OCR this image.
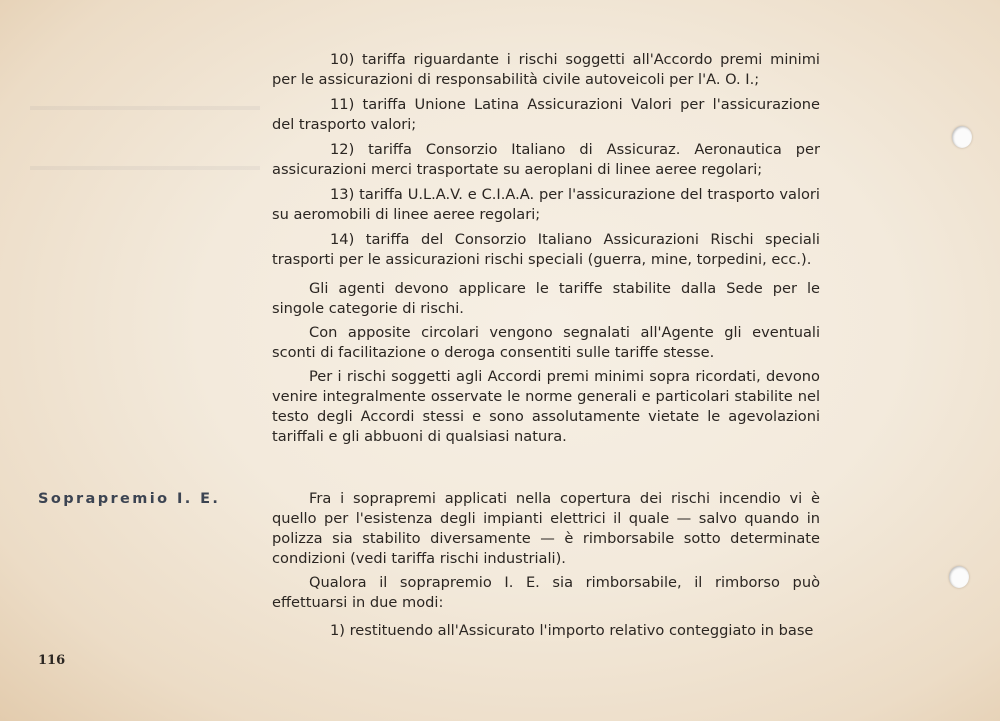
10) tariffa riguardante i rischi soggetti all'Accordo premi minimi per le assicurazioni di responsabilità civile autoveicoli per l'A. O. I.;

11) tariffa Unione Latina Assicurazioni Valori per l'assicurazione del trasporto valori;

12) tariffa Consorzio Italiano di Assicuraz. Aeronautica per assicurazioni merci trasportate su aeroplani di linee aeree regolari;

13) tariffa U.L.A.V. e C.I.A.A. per l'assicurazione del trasporto valori su aeromobili di linee aeree regolari;

14) tariffa del Consorzio Italiano Assicurazioni Rischi speciali trasporti per le assicurazioni rischi speciali (guerra, mine, torpedini, ecc.).

Gli agenti devono applicare le tariffe stabilite dalla Sede per le singole categorie di rischi.

Con apposite circolari vengono segnalati all'Agente gli eventuali sconti di facilitazione o deroga consentiti sulle tariffe stesse.

Per i rischi soggetti agli Accordi premi minimi sopra ricordati, devono venire integralmente osservate le norme generali e particolari stabilite nel testo degli Accordi stessi e sono assolutamente vietate le agevolazioni tariffali e gli abbuoni di qualsiasi natura.

Soprapremio I. E.	Fra i soprapremi applicati nella copertura dei rischi incendio vi è quello per l'esistenza degli impianti elettrici il quale — salvo quando in polizza sia stabilito diversamente — è rimborsabile sotto determinate condizioni (vedi tariffa rischi industriali).

Qualora il soprapremio I. E. sia rimborsabile, il rimborso può effettuarsi in due modi:

1) restituendo all'Assicurato l'importo relativo conteggiato in base

116
